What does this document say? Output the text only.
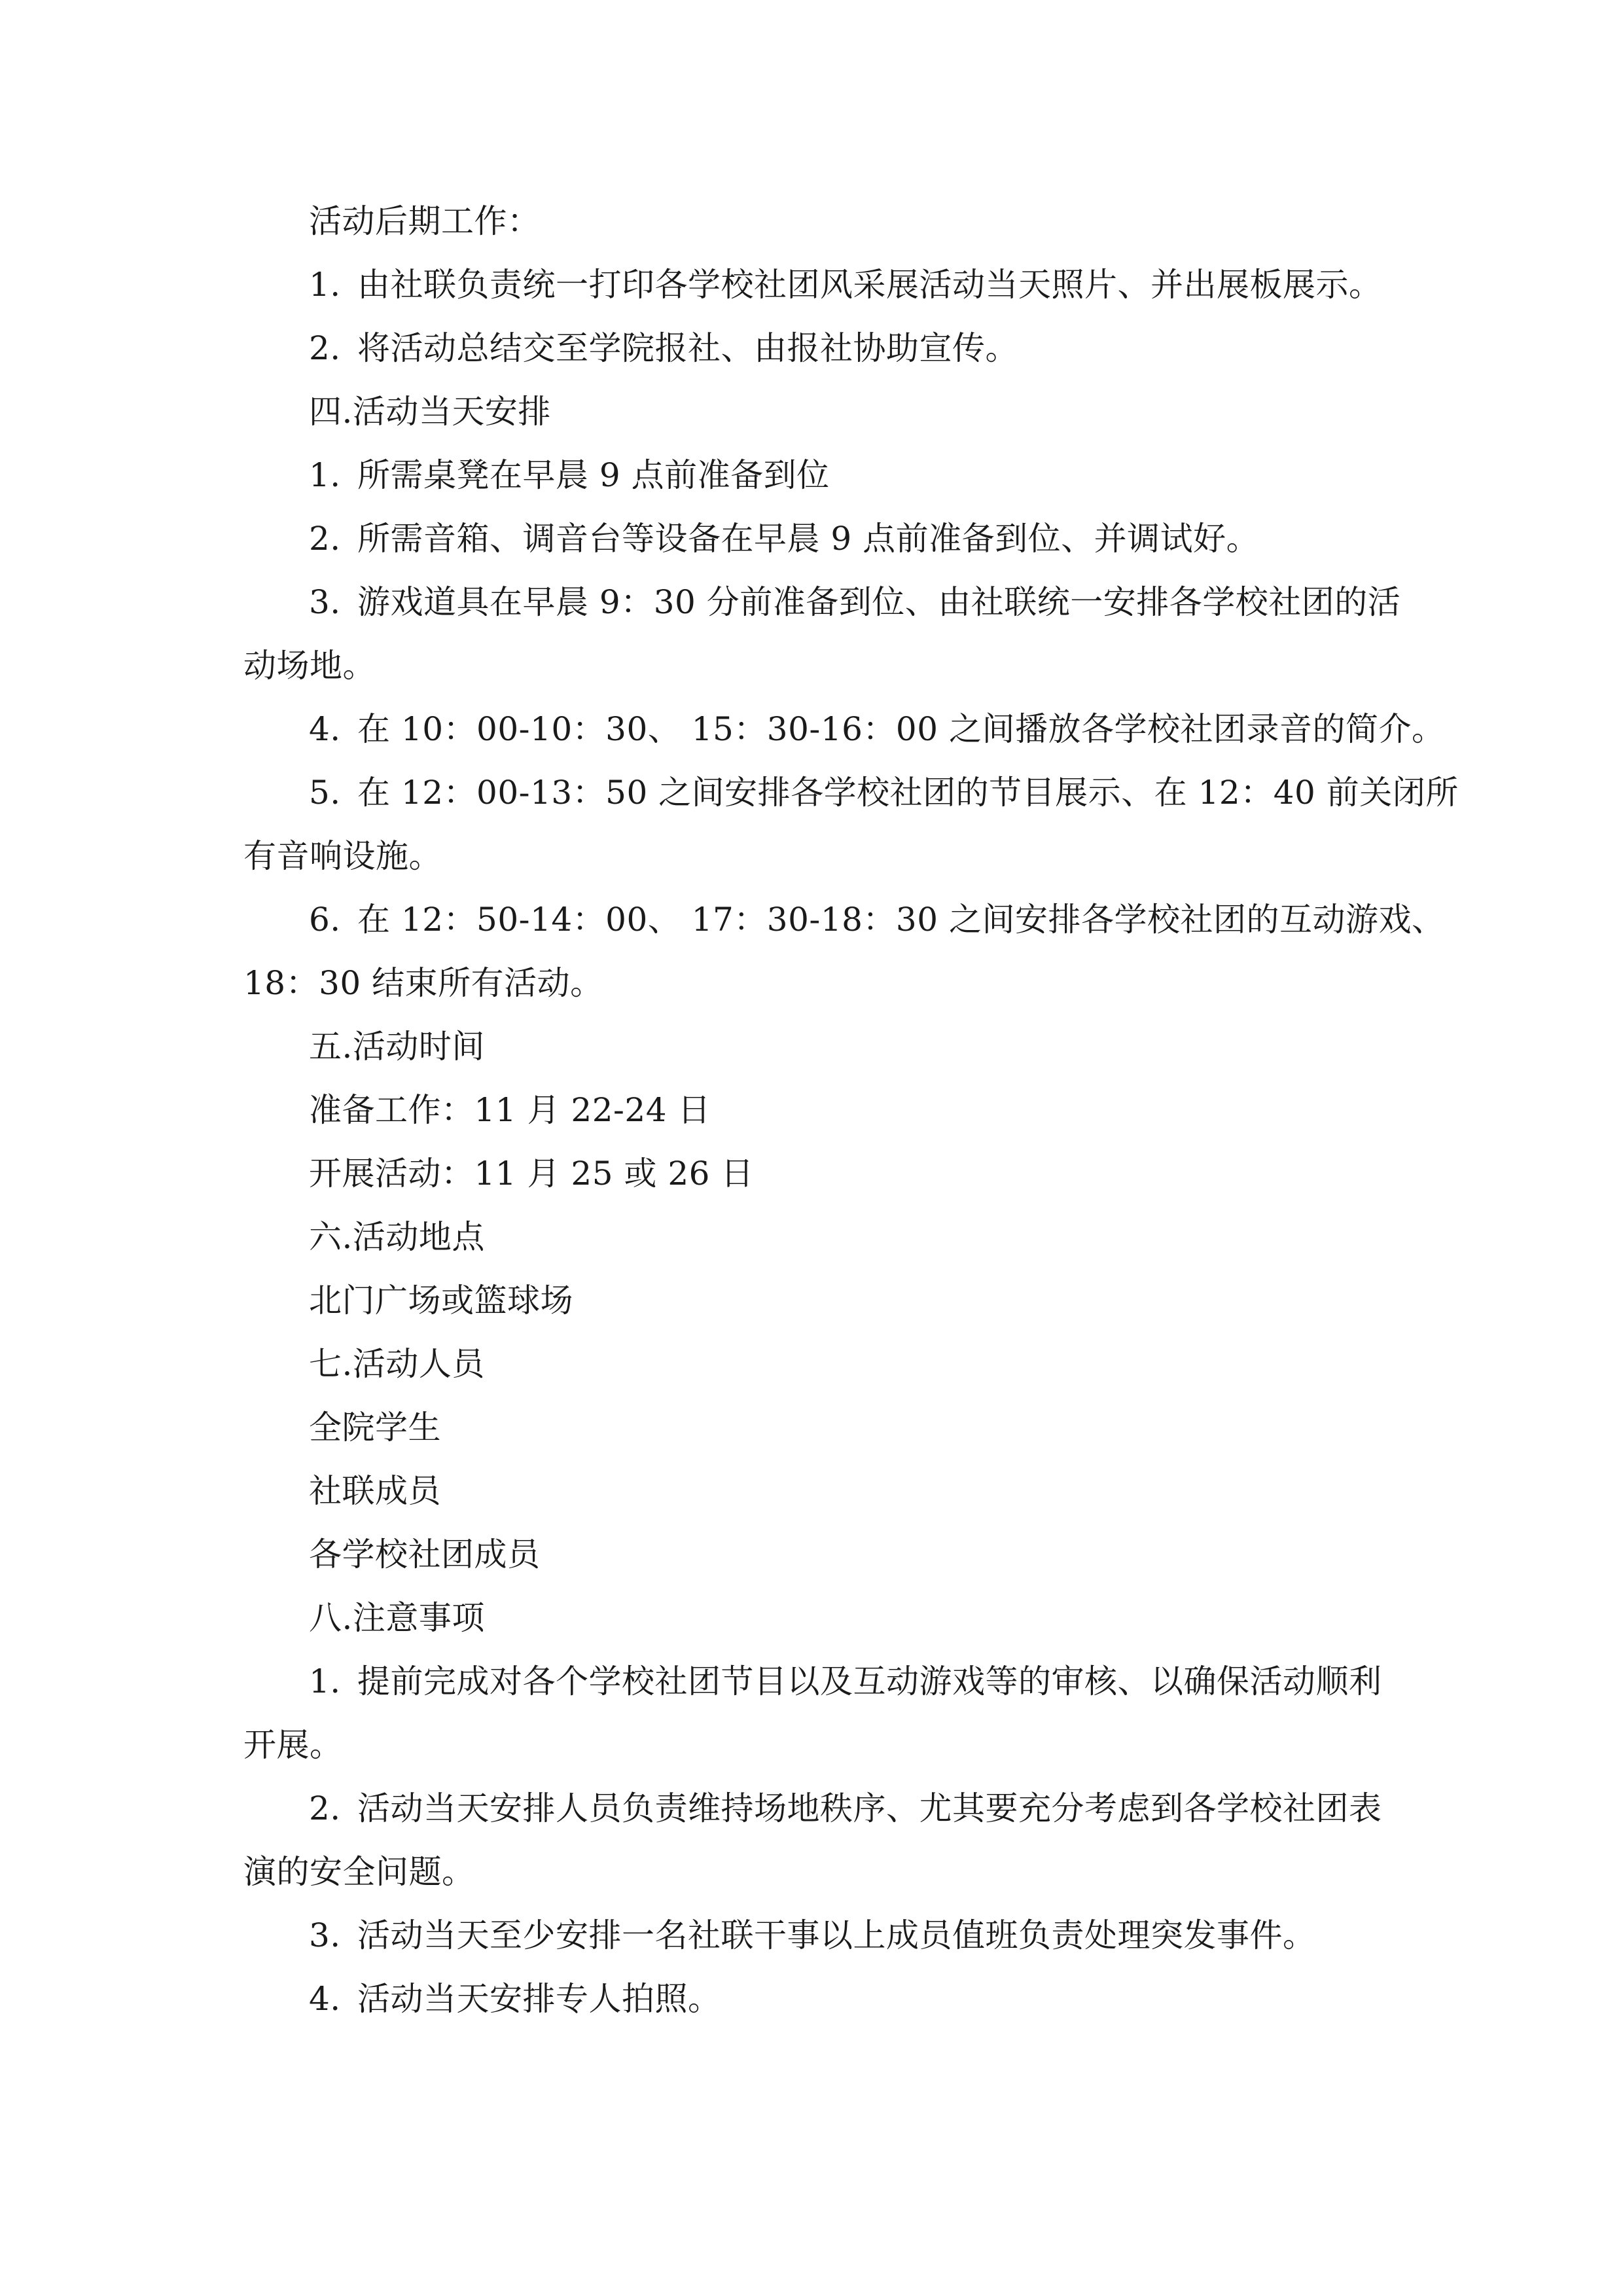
活动后期工作：
1. 由社联负责统一打印各学校社团风采展活动当天照片、并出展板展示。
2. 将活动总结交至学院报社、由报社协助宣传。
四.活动当天安排
1. 所需桌凳在早晨 9 点前准备到位
2. 所需音箱、调音台等设备在早晨 9 点前准备到位、并调试好。
3. 游戏道具在早晨 9：30 分前准备到位、由社联统一安排各学校社团的活
动场地。
4. 在 10：00-10：30、 15：30-16：00 之间播放各学校社团录音的简介。
5. 在 12：00-13：50 之间安排各学校社团的节目展示、在 12：40 前关闭所
有音响设施。
6. 在 12：50-14：00、 17：30-18：30 之间安排各学校社团的互动游戏、
18：30 结束所有活动。
五.活动时间
准备工作：11 月 22-24 日
开展活动：11 月 25 或 26 日
六.活动地点
北门广场或篮球场
七.活动人员
全院学生
社联成员
各学校社团成员
八.注意事项
1. 提前完成对各个学校社团节目以及互动游戏等的审核、以确保活动顺利
开展。
2. 活动当天安排人员负责维持场地秩序、尤其要充分考虑到各学校社团表
演的安全问题。
3. 活动当天至少安排一名社联干事以上成员值班负责处理突发事件。
4. 活动当天安排专人拍照。
